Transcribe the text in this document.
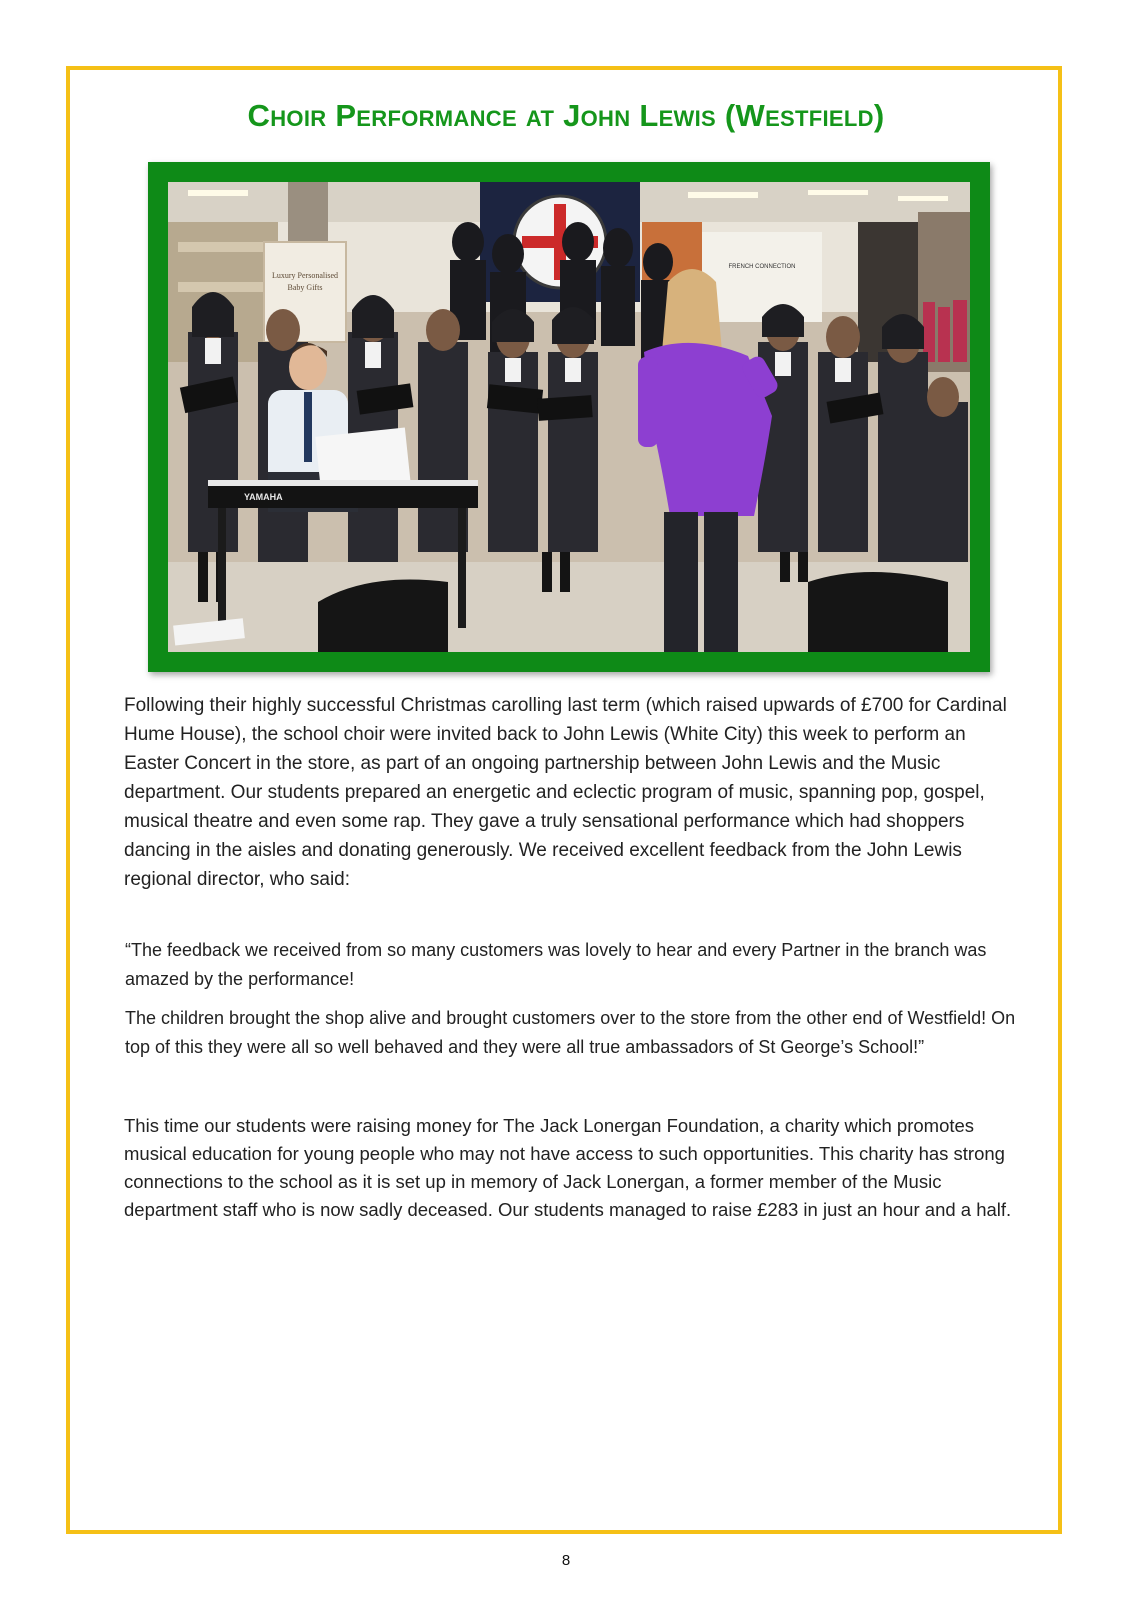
Choir Performance at John Lewis (Westfield)
Luxury Personalised
Baby Gifts
FRENCH CONNECTION
YAMAHA

Following their highly successful Christmas carolling last term (which raised upwards of £700 for Cardinal Hume House), the school choir were invited back to John Lewis (White City) this week to perform an Easter Concert in the store, as part of an ongoing partnership between John Lewis and the Music department. Our students prepared an energetic and eclectic program of music, spanning pop, gospel, musical theatre and even some rap. They gave a truly sensational performance which had shoppers dancing in the aisles and donating generously. We received excellent feedback from the John Lewis regional director, who said:

“The feedback we received from so many customers was lovely to hear and every Partner in the branch was amazed by the performance!

The children brought the shop alive and brought customers over to the store from the other end of Westfield! On top of this they were all so well behaved and they were all true ambassadors of St George’s School!”

This time our students were raising money for The Jack Lonergan Foundation, a charity which promotes musical education for young people who may not have access to such opportunities. This charity has strong connections to the school as it is set up in memory of Jack Lonergan, a former member of the Music department staff who is now sadly deceased. Our students managed to raise £283 in just an hour and a half.

8
